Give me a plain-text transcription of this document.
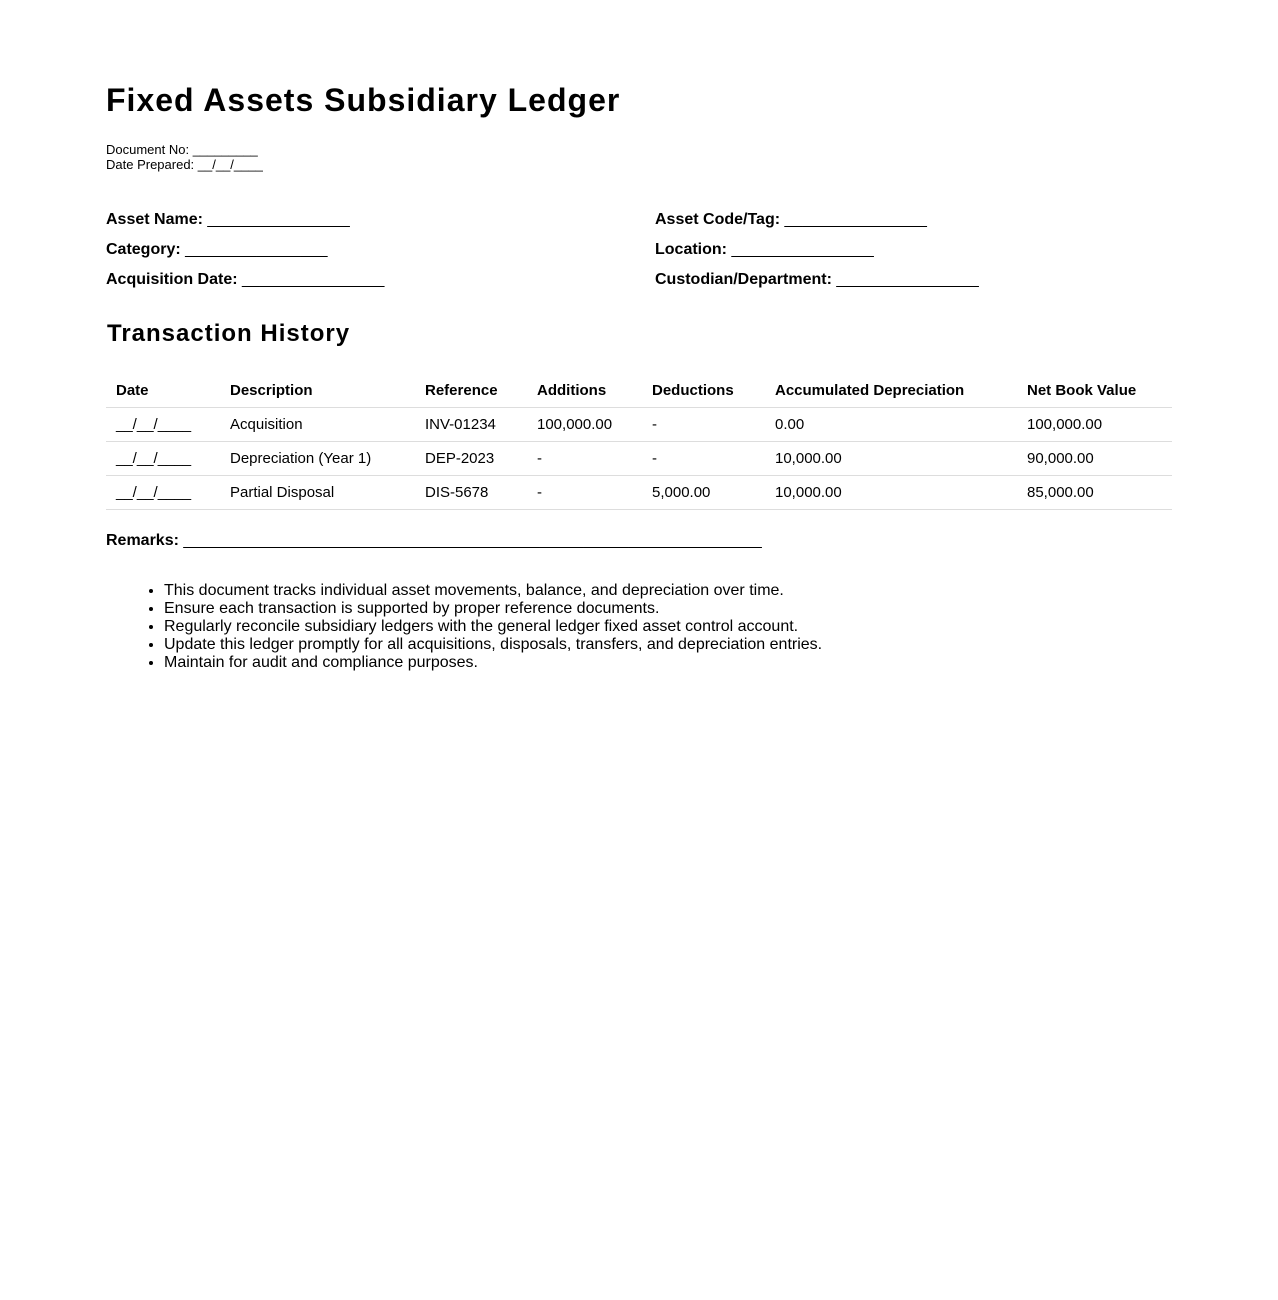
Fixed Assets Subsidiary Ledger
Document No: _________
Date Prepared: __/__/____
Asset Name: ________________
Category: ________________
Acquisition Date: ________________
Asset Code/Tag: ________________
Location: ________________
Custodian/Department: ________________
Transaction History
Date	Description	Reference	Additions	Deductions	Accumulated Depreciation	Net Book Value
__/__/____	Acquisition	INV-01234	100,000.00	-	0.00	100,000.00
__/__/____	Depreciation (Year 1)	DEP-2023	-	-	10,000.00	90,000.00
__/__/____	Partial Disposal	DIS-5678	-	5,000.00	10,000.00	85,000.00
Remarks: _________________________________________________________________
• This document tracks individual asset movements, balance, and depreciation over time.
• Ensure each transaction is supported by proper reference documents.
• Regularly reconcile subsidiary ledgers with the general ledger fixed asset control account.
• Update this ledger promptly for all acquisitions, disposals, transfers, and depreciation entries.
• Maintain for audit and compliance purposes.
